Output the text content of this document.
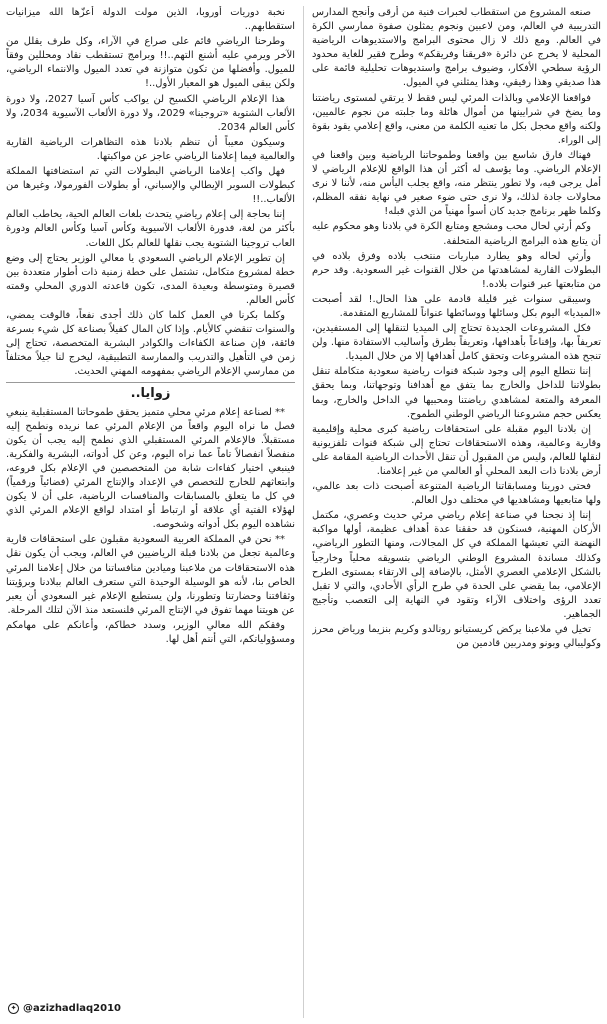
صنعه المشروع من استقطاب لخبرات فنية من أرقى وأنجح المدارس التدريبية في العالم، ومن لاعبين ونجوم يمثلون صفوة ممارسي الكرة في العالم. ومع ذلك لا زال محتوى البرامج والاستديوهات الرياضية المحلية لا يخرج عن دائرة «فريقنا وفريقكم» وطرح فقير للغاية محدود الرؤية سطحي الأفكار، وضيوف برامج واستديوهات تحليلية قائمة على هذا صديقي وهذا رفيقي، وهذا يمثلني في الميول.

فواقعنا الإعلامي وبالذات المرئي ليس فقط لا يرتقي لمستوى رياضتنا وما يضخ في شرايينها من أموال هائلة وما جلبته من نجوم عالميين، ولكنه واقع مخجل بكل ما تعنيه الكلمة من معنى، واقع إعلامي يقود بقوة إلى الوراء.

فهناك فارق شاسع بين واقعنا وطموحاتنا الرياضية وبين واقعنا في الإعلام الرياضي. وما يؤسف له أكثر أن هذا الواقع للإعلام الرياضي لا أمل يرجى فيه، ولا تطور ينتظر منه، واقع يجلب اليأس منه، لأننا لا نرى محاولات جادة لذلك، ولا نرى حتى ضوء صغير في نهاية نفقه المظلم، وكلما ظهر برنامج جديد كان أسوأ مهنياً من الذي قبله!

وكم أرثي لحال محب ومشجع ومتابع الكرة في بلادنا وهو محكوم عليه أن يتابع هذه البرامج الرياضية المتخلفة.

وأرثي لحاله وهو يطارد مباريات منتخب بلاده وفرق بلاده في البطولات القارية لمشاهدتها من خلال القنوات غير السعودية. وقد حرم من متابعتها عبر قنوات بلاده.!

وسيبقى سنوات غير قليلة قادمة على هذا الحال.! لقد أصبحت «الميديا» اليوم بكل وسائلها ووسائطها عنواناً للمشاريع المتقدمة.

فكل المشروعات الجديدة تحتاج إلى الميديا لتنقلها إلى المستفيدين، تعريفاً بها، وإقناعاً بأهدافها، وتعريفاً بطرق وأساليب الاستفادة منها. ولن تنجح هذه المشروعات وتحقق كامل أهدافها إلا من خلال الميديا.

إننا نتطلع اليوم إلى وجود شبكة قنوات رياضية سعودية متكاملة تنقل بطولاتنا للداخل والخارج بما يتفق مع أهدافنا وتوجهاتنا، وبما يحقق المعرفة والمتعة لمشاهدي رياضتنا ومحبيها في الداخل والخارج، وبما يعكس حجم مشروعنا الرياضي الوطني الطموح.

إن بلادنا اليوم مقبلة على استحقاقات رياضية كبرى محلية وإقليمية وقارية وعالمية، وهذه الاستحقاقات تحتاج إلى شبكة قنوات تلفزيونية لنقلها للعالم، وليس من المقبول أن تنقل الأحداث الرياضية المقامة على أرض بلادنا ذات البعد المحلي أو العالمي من غير إعلامنا.

فحتى دورينا ومسابقاتنا الرياضية المتنوعة أصبحت ذات بعد عالمي، ولها متابعيها ومشاهديها في مختلف دول العالم.

إننا إذ نجحنا في صناعة إعلام رياضي مرئي حديث وعصري، مكتمل الأركان المهنية، فسنكون قد حققنا عدة أهداف عظيمة، أولها مواكبة النهضة التي تعيشها المملكة في كل المجالات، ومنها التطور الرياضي، وكذلك مساندة المشروع الوطني الرياضي بتسويقه محلياً وخارجياً بالشكل الإعلامي العصري الأمثل، بالإضافة إلى الارتقاء بمستوى الطرح الإعلامي، بما يقضي على الحدة في طرح الرأي الأحادي، والتي لا تقبل تعدد الرؤى واختلاف الآراء وتقود في النهاية إلى التعصب وتأجيج الجماهير.

تخيل في ملاعبنا يركض كريستيانو رونالدو وكريم بنزيما ورياض محرز وكوليبالي وبونو ومدربين قادمين من

نخبة دوريات أوروبا، الذين مولت الدولة أعزّها الله ميزانيات استقطابهم..

وطرحنا الرياضي قائم على صراع في الآراء، وكل طرف يقلل من الآخر ويرمي عليه أشنع التهم..!! وبرامج تستقطب نقاد ومحللين وفقاً للميول. وأفضلها من تكون متوازنة في تعدد الميول والانتماء الرياضي، ولكن يبقى الميول هو المعيار الأول..!

هذا الإعلام الرياضي الكسيح لن يواكب كأس آسيا 2027، ولا دورة الألعاب الشتوية «تروجينا» 2029، ولا دورة الألعاب الآسيوية 2034، ولا كأس العالم 2034.

وسيكون معيباً أن تنظم بلادنا هذه التظاهرات الرياضية القارية والعالمية فيما إعلامنا الرياضي عاجز عن مواكبتها.

فهل واكب إعلامنا الرياضي البطولات التي تم استضافتها المملكة كبطولات السوبر الإيطالي والإسباني، أو بطولات الفورمولا، وغيرها من الألعاب..!!

إننا بحاجة إلى إعلام رياضي يتحدث بلغات العالم الحية، يخاطب العالم بأكثر من لغة، فدورة الألعاب الآسيوية وكأس آسيا وكأس العالم ودورة العاب تروجينا الشتوية يجب نقلها للعالم بكل اللغات.

إن تطوير الإعلام الرياضي السعودي يا معالي الوزير يحتاج إلى وضع خطة لمشروع متكامل، تشتمل على خطة زمنية ذات أطوار متعددة بين قصيرة ومتوسطة وبعيدة المدى، تكون قاعدته الدوري المحلي وقمته كأس العالم.

وكلما بكرنا في العمل كلما كان ذلك أجدى نفعاً، فالوقت يمضي، والسنوات تنقضي كالأيام. وإذا كان المال كفيلاً بصناعة كل شيء بسرعة فائقة، فإن صناعة الكفاءات والكوادر البشرية المتخصصة، تحتاج إلى زمن في التأهيل والتدريب والممارسة التطبيقية، ليخرج لنا جيلاً مختلفاً من ممارسي الإعلام الرياضي بمفهومه المهني الحديث.

زوايا..

** لصناعة إعلام مرئي محلي متميز يحقق طموحاتنا المستقبلية ينبغي فصل ما نراه اليوم واقعاً من الإعلام المرئي عما نريده ونطمح إليه مستقبلاً. فالإعلام المرئي المستقبلي الذي نطمح إليه يجب أن يكون منفصلاً انفصالاً تاماً عما نراه اليوم، وعن كل أدواته، البشرية والفكرية. فينبغي اختيار كفاءات شابة من المتخصصين في الإعلام بكل فروعه، وابتعاثهم للخارج للتخصص في الإعداد والإنتاج المرئي (فضائياً ورقمياً) في كل ما يتعلق بالمسابقات والمنافسات الرياضية، على أن لا يكون لهؤلاء الفتية أي علاقة أو ارتباط أو امتداد لواقع الإعلام المرئي الذي نشاهده اليوم بكل أدواته وشخوصه.

** نحن في المملكة العربية السعودية مقبلون على استحقاقات قارية وعالمية تجعل من بلادنا قبلة الرياضيين في العالم، ويجب أن يكون نقل هذه الاستحقاقات من ملاعبنا وميادين منافساتنا من خلال إعلامنا المرئي الخاص بنا، لأنه هو الوسيلة الوحيدة التي ستعرف العالم ببلادنا وبرؤيتنا وثقافتنا وحضارتنا وتطورنا، ولن يستطيع الإعلام غير السعودي أن يعبر عن هويتنا مهما تفوق في الإنتاج المرئي فلنستعد منذ الآن لتلك المرحلة.

وفقكم الله معالي الوزير، وسدد خطاكم، وأعانكم على مهامكم ومسؤولياتكم، التي أنتم أهل لها.

✦ @azizhadlaq2010
